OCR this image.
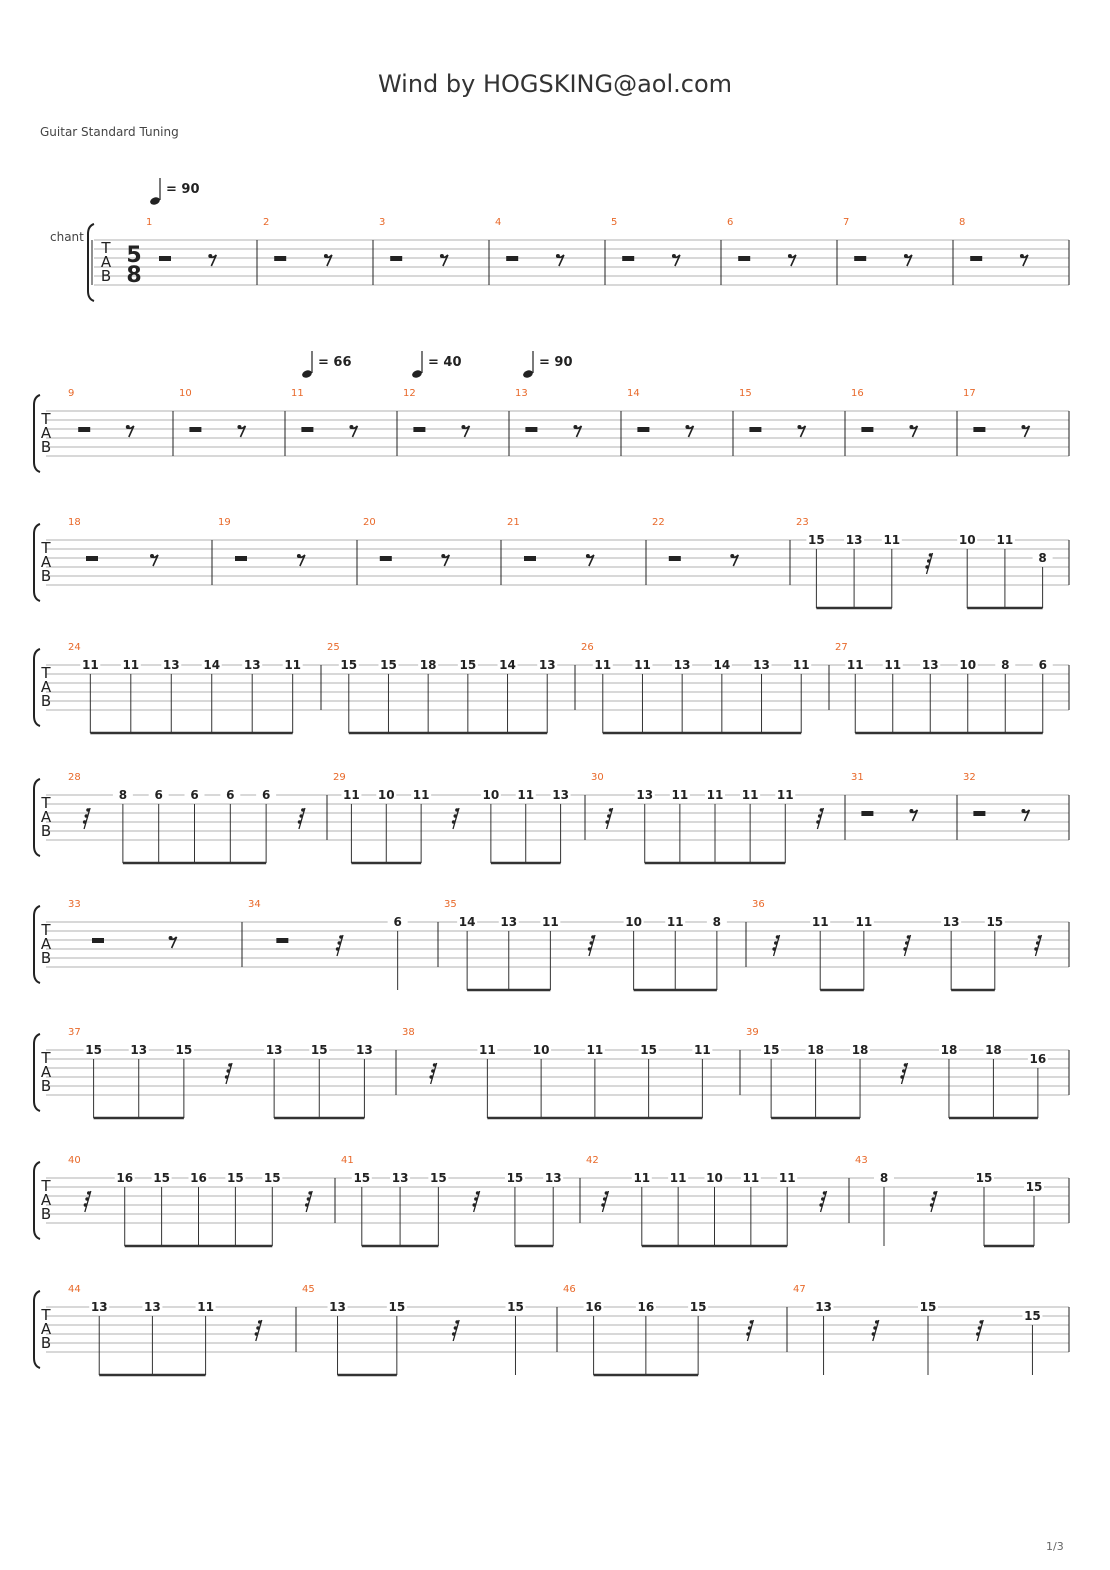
Wind by HOGSKING@aol.com
Guitar Standard Tuning
1/3
T
A
B
1	2	3	4	5	6	7	8
T
A
B
9	10	11	12	13	14	15	16	17
T
A
B
18	19	20	21	22	23
15 13 11	10 11
8
T
A
B
24
11 11 13 14 13 11
25
15 15 18 15 14 13
26
11 11 13 14 13 11
27
11 11 13 10 8 6
T
A
B
28
8 6 6 6 6
29
11 10 11	10 11 13
30
13 11 11 11 11
31	32
T
A
B
33	34
6
35
14 13 11	10 11 8
36
11 11	13 15
T
A
B
37
15 13 15	13 15 13
38
11	10	11	15	11
39
15 18 18	18 18
16
T
A
B
40
16 15 16 15 15
41
15 13 15	15 13
42
11 11 10 11 11
43
8	15
15
T
A
B
44
13	13	11
45
13	15	15
46
16	16	15
47
13	15
15
5
8
chant
= 90
= 66	= 40	= 90
